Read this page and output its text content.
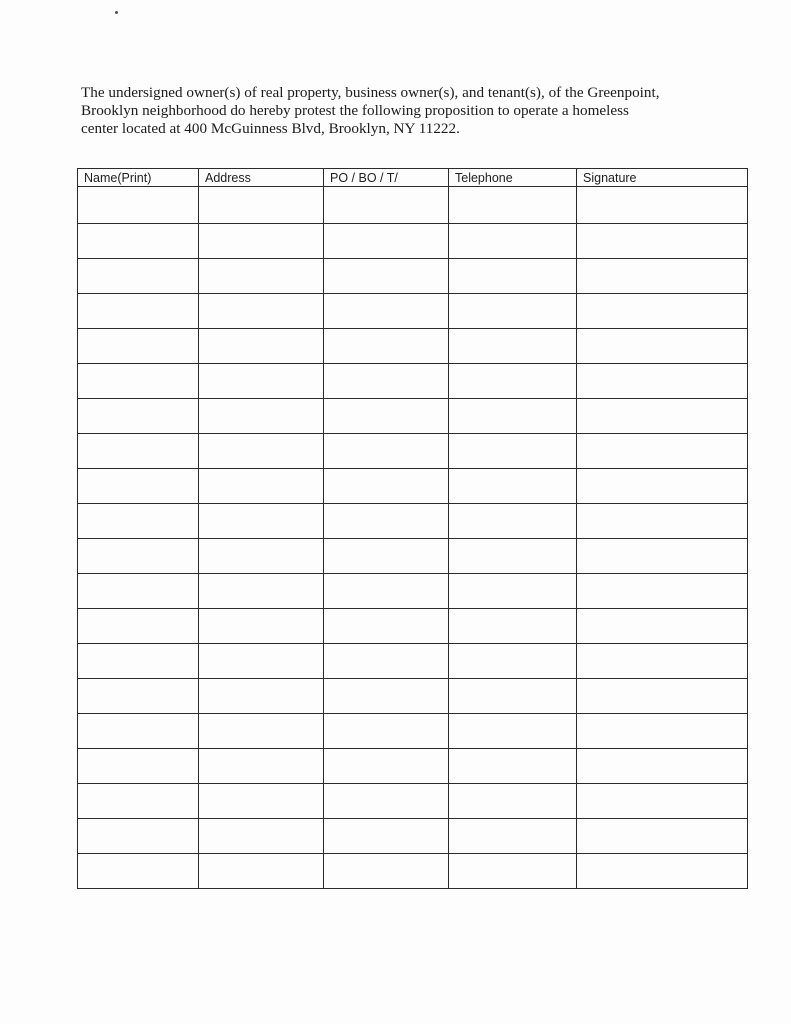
The undersigned owner(s) of real property, business owner(s), and tenant(s), of the Greenpoint,
Brooklyn neighborhood do hereby protest the following proposition to operate a homeless
center located at 400 McGuinness Blvd, Brooklyn, NY 11222.

Name(Print)	Address	PO / BO / T/	Telephone	Signature
